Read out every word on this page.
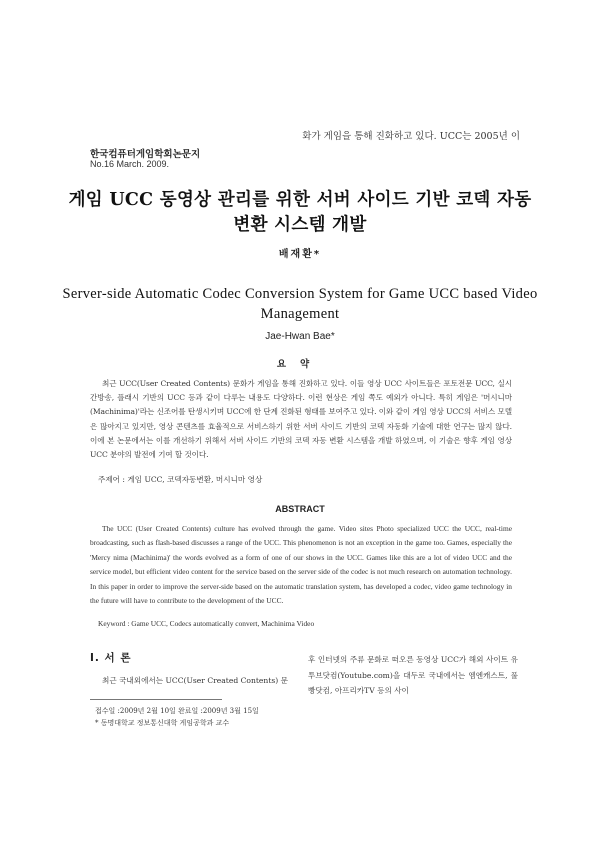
화가 게임을 통해 진화하고 있다. UCC는 2005년 이
한국컴퓨터게임학회논문지
No.16 March. 2009.
게임 UCC 동영상 관리를 위한 서버 사이드 기반 코덱 자동 변환 시스템 개발
배재환*
Server-side Automatic Codec Conversion System for Game UCC based Video Management
Jae-Hwan Bae*
요약
최근 UCC(User Created Contents) 문화가 게임을 통해 진화하고 있다. 이들 영상 UCC 사이트들은 포토전문 UCC, 실시간방송, 플래시 기반의 UCC 등과 같이 다루는 내용도 다양하다. 이런 현상은 게임 쪽도 예외가 아니다. 특히 게임은 '머시니마(Machinima)'라는 신조어를 탄생시키며 UCC에 한 단계 진화된 형태를 보여주고 있다. 이와 같이 게임 영상 UCC의 서비스 모델은 많아지고 있지만, 영상 콘텐츠를 효율적으로 서비스하기 위한 서버 사이드 기반의 코덱 자동화 기술에 대한 연구는 많지 않다. 이에 본 논문에서는 이를 개선하기 위해서 서버 사이드 기반의 코덱 자동 변환 시스템을 개발 하였으며, 이 기술은 향후 게임 영상 UCC 분야의 발전에 기여 할 것이다.
주제어 : 게임 UCC, 코덱자동변환, 머시니마 영상
ABSTRACT
The UCC (User Created Contents) culture has evolved through the game. Video sites Photo specialized UCC the UCC, real-time broadcasting, such as flash-based discusses a range of the UCC. This phenomenon is not an exception in the game too. Games, especially the 'Mercy nima (Machinima)' the words evolved as a form of one of our shows in the UCC. Games like this are a lot of video UCC and the service model, but efficient video content for the service based on the server side of the codec is not much research on automation technology. In this paper in order to improve the server-side based on the automatic translation system, has developed a codec, video game technology in the future will have to contribute to the development of the UCC.
Keyword : Game UCC, Codecs automatically convert, Machinima Video
Ⅰ. 서 론
최근 국내외에서는 UCC(User Created Contents) 문
후 인터넷의 주류 문화로 떠오른 동영상 UCC가 해외 사이트 유투브닷컴(Youtube.com)을 대두로 국내에서는 엠엔캐스트, 풀빵닷컴, 아프리카TV 등의 사이
접수일 :2009년 2월 10일 완료일 :2009년 3월 15일
* 동명대학교 정보통신대학 게임공학과 교수
